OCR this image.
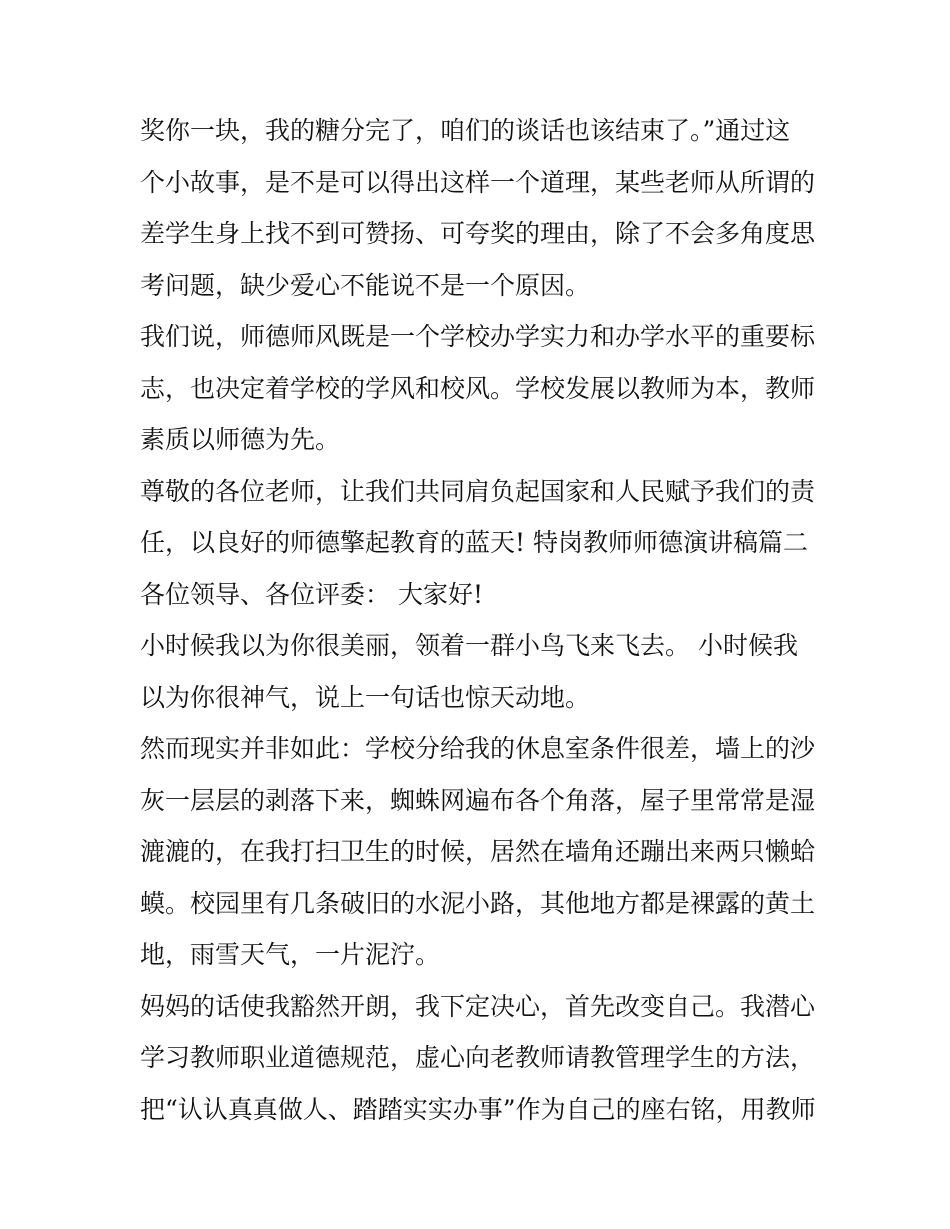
奖你一块，我的糖分完了，咱们的谈话也该结束了。”通过这
个小故事，是不是可以得出这样一个道理，某些老师从所谓的
差学生身上找不到可赞扬、可夸奖的理由，除了不会多角度思
考问题，缺少爱心不能说不是一个原因。
我们说，师德师风既是一个学校办学实力和办学水平的重要标
志，也决定着学校的学风和校风。学校发展以教师为本，教师
素质以师德为先。
尊敬的各位老师，让我们共同肩负起国家和人民赋予我们的责
任，以良好的师德擎起教育的蓝天! 特岗教师师德演讲稿篇二
各位领导、各位评委： 大家好!
小时候我以为你很美丽，领着一群小鸟飞来飞去。 小时候我
以为你很神气，说上一句话也惊天动地。
然而现实并非如此：学校分给我的休息室条件很差，墙上的沙
灰一层层的剥落下来，蜘蛛网遍布各个角落，屋子里常常是湿
漉漉的，在我打扫卫生的时候，居然在墙角还蹦出来两只懒蛤
蟆。校园里有几条破旧的水泥小路，其他地方都是裸露的黄土
地，雨雪天气，一片泥泞。
妈妈的话使我豁然开朗，我下定决心，首先改变自己。我潜心
学习教师职业道德规范，虚心向老教师请教管理学生的方法，
把“认认真真做人、踏踏实实办事”作为自己的座右铭，用教师
